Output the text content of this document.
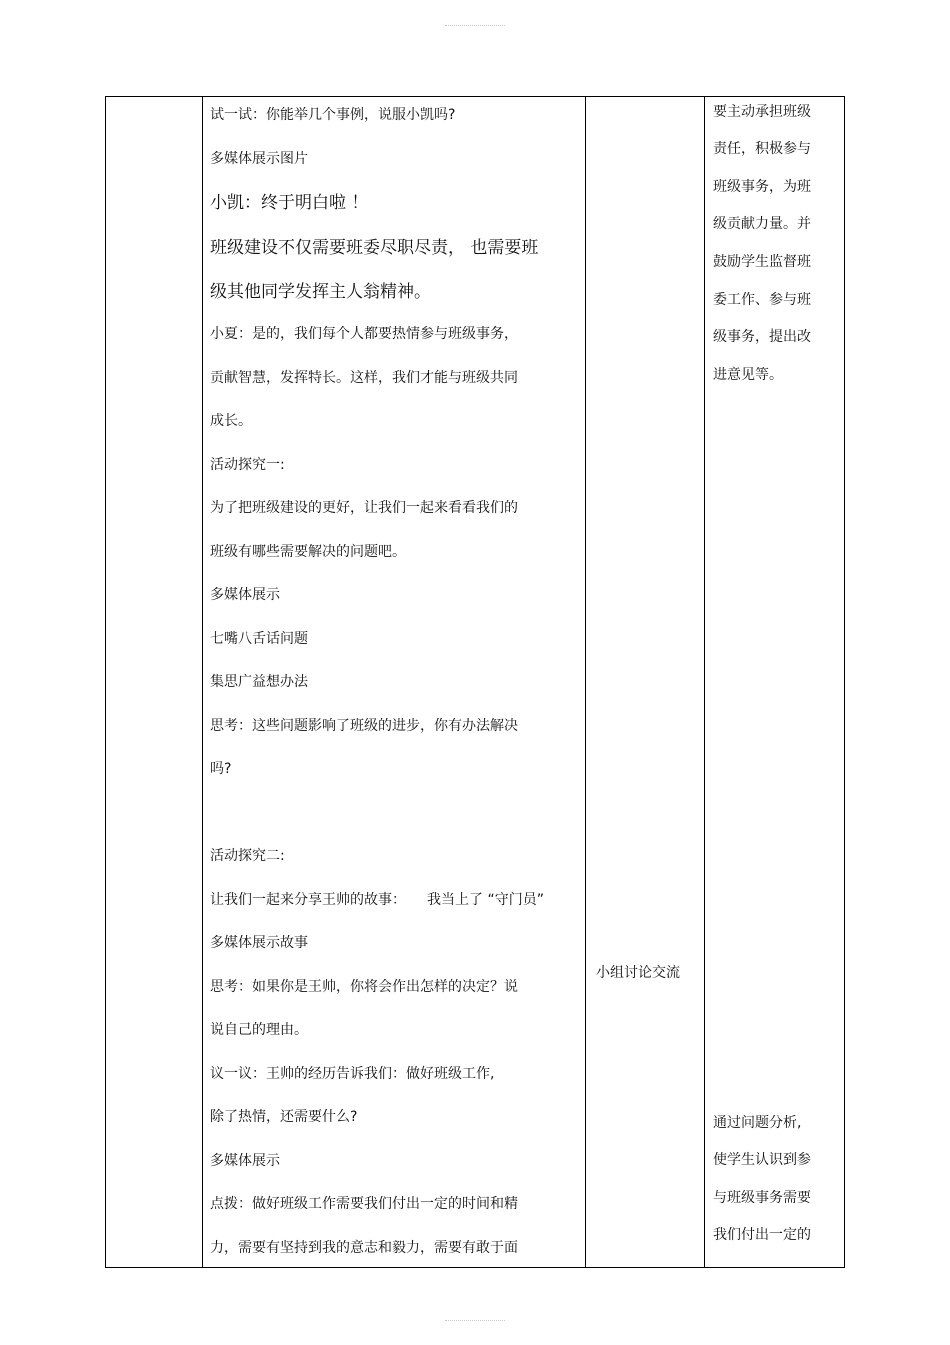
试一试：你能举几个事例，说服小凯吗?
多媒体展示图片
小凯：终于明白啦 ！
班级建设不仅需要班委尽职尽责， 也需要班
级其他同学发挥主人翁精神。
小夏：是的，我们每个人都要热情参与班级事务，
贡献智慧，发挥特长。这样，我们才能与班级共同
成长。
活动探究一:
为了把班级建设的更好，让我们一起来看看我们的
班级有哪些需要解决的问题吧。
多媒体展示
七嘴八舌话问题
集思广益想办法
思考：这些问题影响了班级的进步，你有办法解决
吗?
活动探究二:
让我们一起来分享王帅的故事：　　我当上了 “守门员”
多媒体展示故事
思考：如果你是王帅，你将会作出怎样的决定？说
说自己的理由。
议一议：王帅的经历告诉我们：做好班级工作,
除了热情，还需要什么?
多媒体展示
点拨：做好班级工作需要我们付出一定的时间和精
力，需要有坚持到我的意志和毅力，需要有敢于面
小组讨论交流
要主动承担班级
责任，积极参与
班级事务，为班
级贡献力量。并
鼓励学生监督班
委工作、参与班
级事务，提出改
进意见等。
通过问题分析,
使学生认识到参
与班级事务需要
我们付出一定的
